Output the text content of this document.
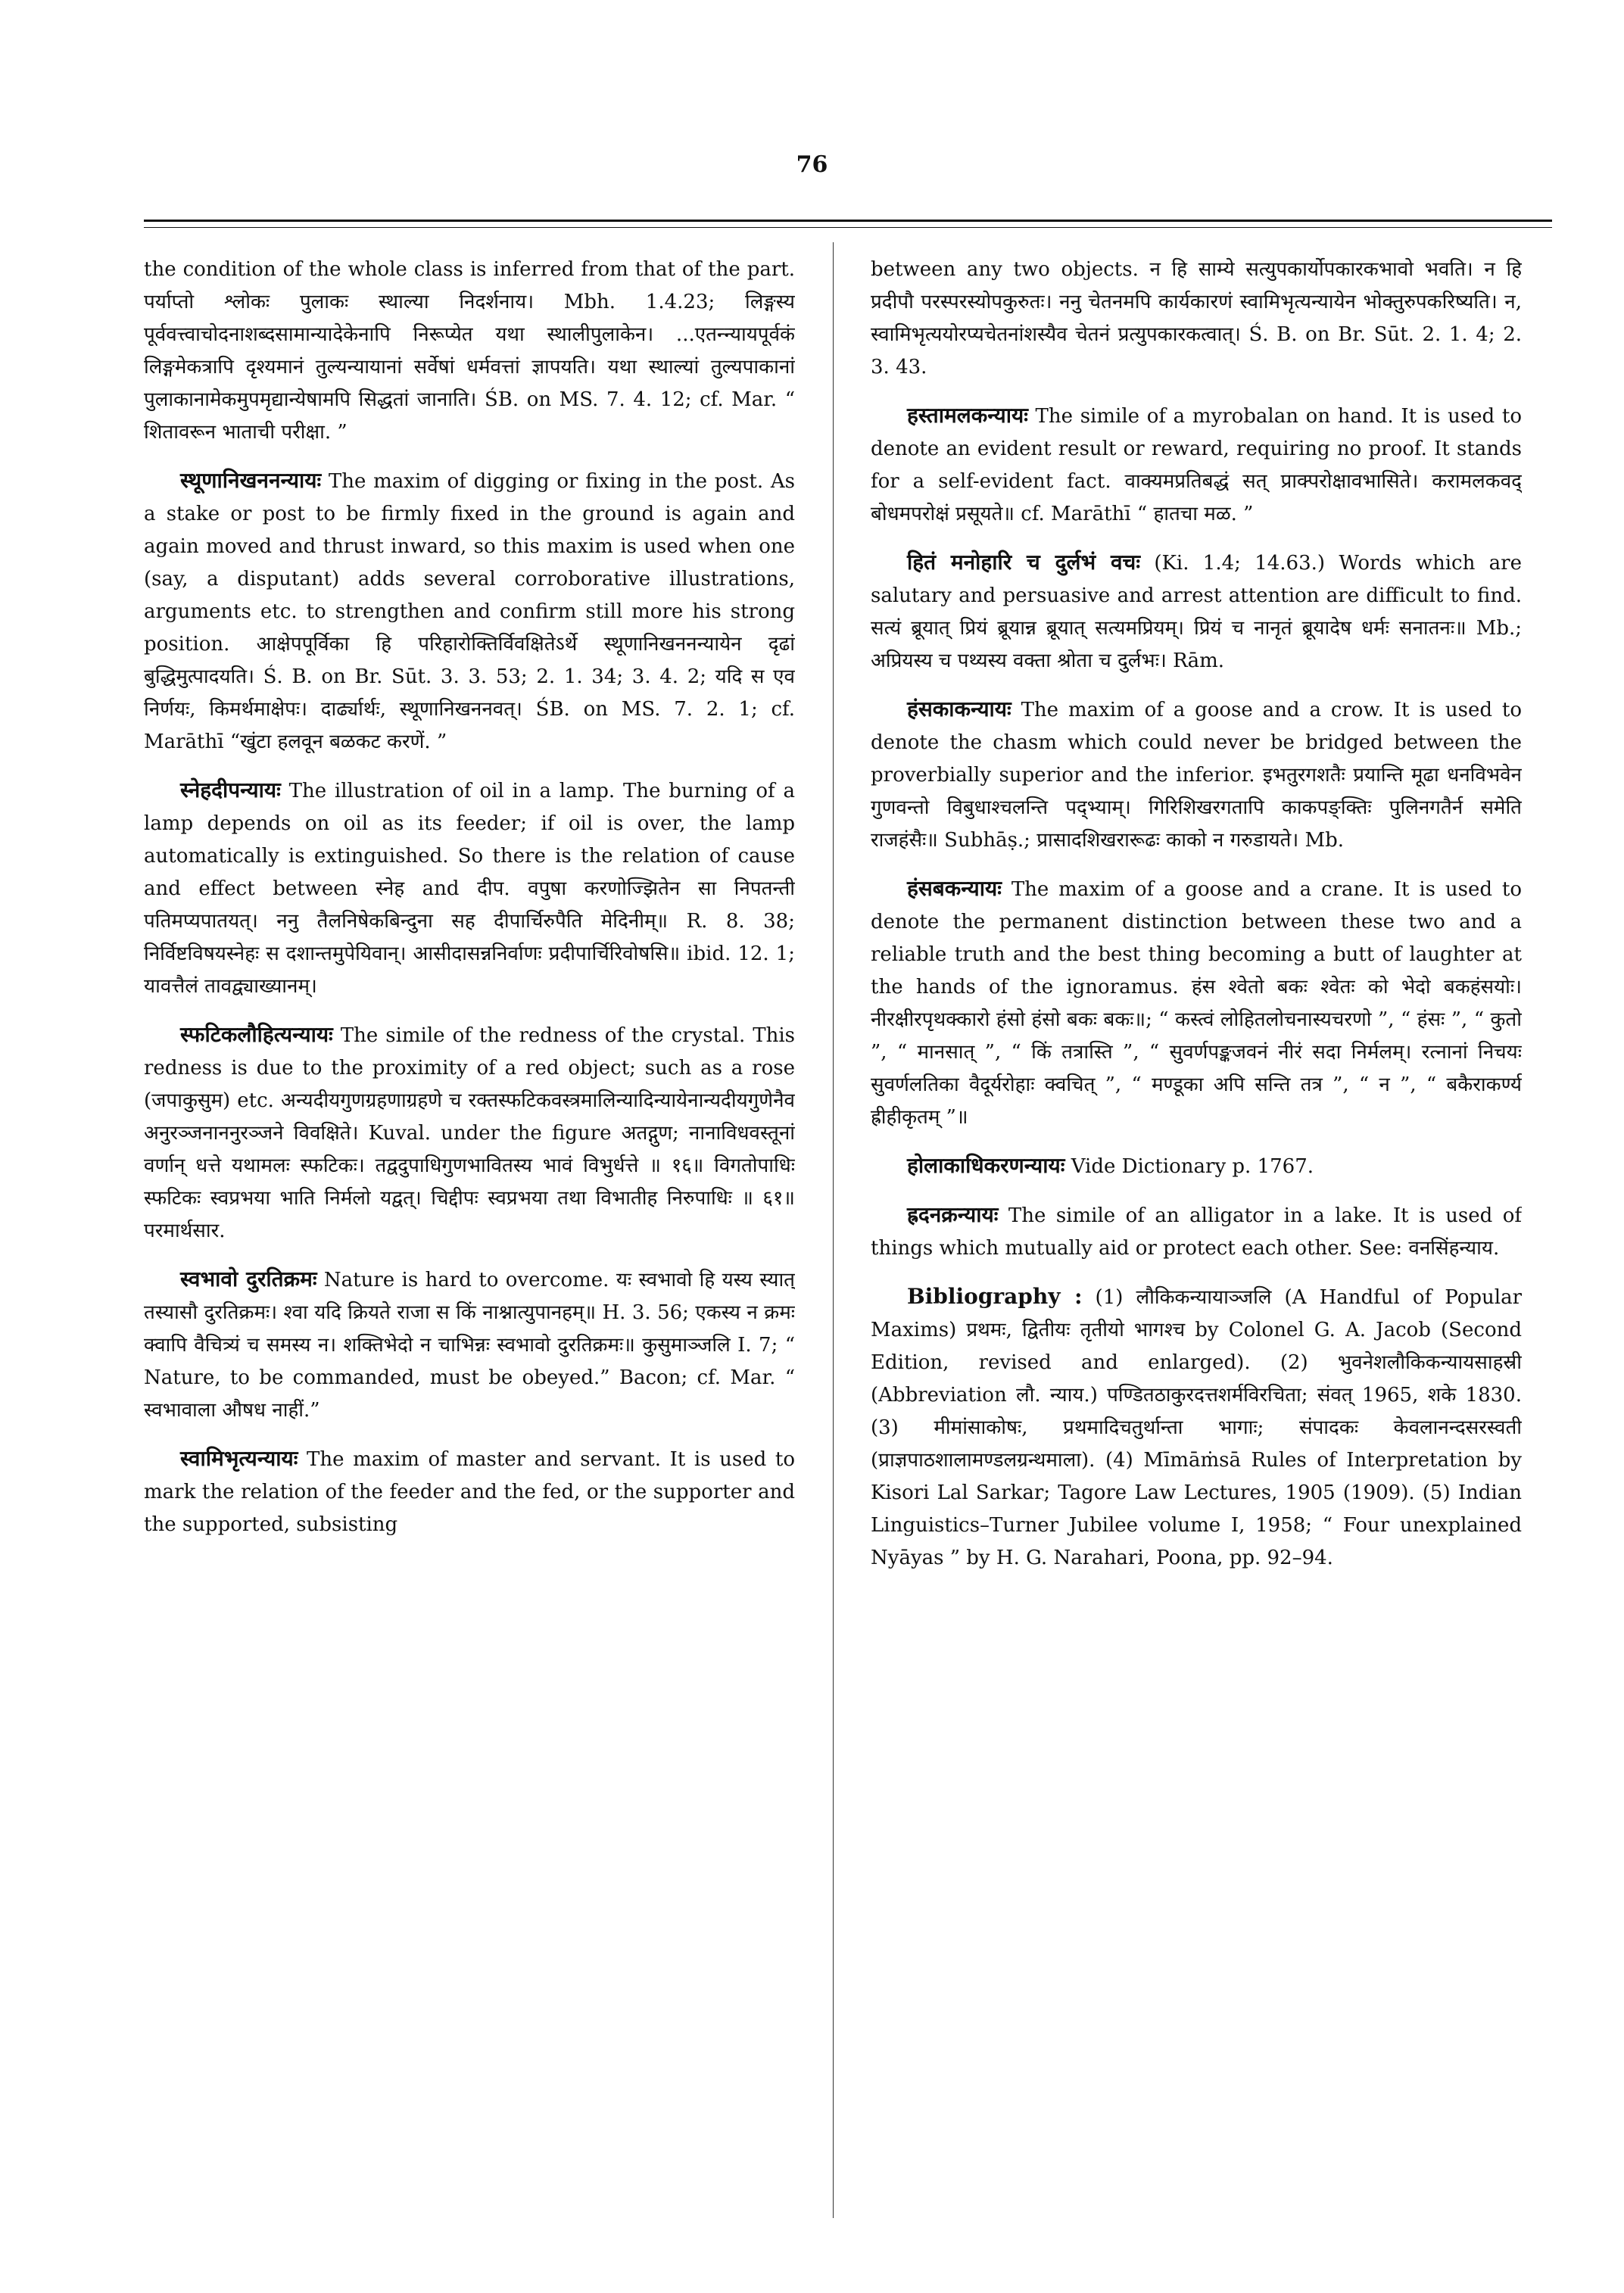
76

the condition of the whole class is inferred from that of the part. पर्याप्तो श्लोकः पुलाकः स्थाल्या निदर्शनाय। Mbh. 1.4.23; लिङ्गस्य पूर्ववत्त्वाचोदनाशब्दसामान्यादेकेनापि निरूप्येत यथा स्थालीपुलाकेन। ...एतन्न्यायपूर्वकं लिङ्गमेकत्रापि दृश्यमानं तुल्यन्यायानां सर्वेषां धर्मवत्तां ज्ञापयति। यथा स्थाल्यां तुल्यपाकानां पुलाकानामेकमुपमृद्यान्येषामपि सिद्धतां जानाति। ŚB. on MS. 7. 4. 12; cf. Mar. “ शितावरून भाताची परीक्षा. ”

स्थूणानिखननन्यायः The maxim of digging or fixing in the post. As a stake or post to be firmly fixed in the ground is again and again moved and thrust inward, so this maxim is used when one (say, a disputant) adds several corroborative illustrations, arguments etc. to strengthen and confirm still more his strong position. आक्षेपपूर्विका हि परिहारोक्तिर्विवक्षितेऽर्थे स्थूणानिखननन्यायेन दृढां बुद्धिमुत्पादयति। Ś. B. on Br. Sūt. 3. 3. 53; 2. 1. 34; 3. 4. 2; यदि स एव निर्णयः, किमर्थमाक्षेपः। दार्ढ्यार्थः, स्थूणानिखननवत्। ŚB. on MS. 7. 2. 1; cf. Marāthī “खुंटा हलवून बळकट करणें. ”

स्नेहदीपन्यायः The illustration of oil in a lamp. The burning of a lamp depends on oil as its feeder; if oil is over, the lamp automatically is extinguished. So there is the relation of cause and effect between स्नेह and दीप. वपुषा करणोज्झितेन सा निपतन्ती पतिमप्यपातयत्। ननु तैलनिषेकबिन्दुना सह दीपार्चिरुपैति मेदिनीम्॥ R. 8. 38; निर्विष्टविषयस्नेहः स दशान्तमुपेयिवान्। आसीदासन्ननिर्वाणः प्रदीपार्चिरिवोषसि॥ ibid. 12. 1; यावत्तैलं तावद्व्याख्यानम्।

स्फटिकलौहित्यन्यायः The simile of the redness of the crystal. This redness is due to the proximity of a red object; such as a rose (जपाकुसुम) etc. अन्यदीयगुणग्रहणाग्रहणे च रक्तस्फटिकवस्त्रमालिन्यादिन्यायेनान्यदीयगुणेनैव अनुरञ्जनाननुरञ्जने विवक्षिते। Kuval. under the figure अतद्गुण; नानाविधवस्तूनां वर्णान् धत्ते यथामलः स्फटिकः। तद्वदुपाधिगुणभावितस्य भावं विभुर्धत्ते ॥ १६॥ विगतोपाधिः स्फटिकः स्वप्रभया भाति निर्मलो यद्वत्। चिद्दीपः स्वप्रभया तथा विभातीह निरुपाधिः ॥ ६१॥ परमार्थसार.

स्वभावो दुरतिक्रमः Nature is hard to overcome. यः स्वभावो हि यस्य स्यात् तस्यासौ दुरतिक्रमः। श्वा यदि क्रियते राजा स किं नाश्नात्युपानहम्॥ H. 3. 56; एकस्य न क्रमः क्वापि वैचित्र्यं च समस्य न। शक्तिभेदो न चाभिन्नः स्वभावो दुरतिक्रमः॥ कुसुमाञ्जलि I. 7; “ Nature, to be commanded, must be obeyed.” Bacon; cf. Mar. “ स्वभावाला औषध नाहीं.”

स्वामिभृत्यन्यायः The maxim of master and servant. It is used to mark the relation of the feeder and the fed, or the supporter and the supported, subsisting

between any two objects. न हि साम्ये सत्युपकार्योपकारकभावो भवति। न हि प्रदीपौ परस्परस्योपकुरुतः। ननु चेतनमपि कार्यकारणं स्वामिभृत्यन्यायेन भोक्तुरुपकरिष्यति। न, स्वामिभृत्ययोरप्यचेतनांशस्यैव चेतनं प्रत्युपकारकत्वात्। Ś. B. on Br. Sūt. 2. 1. 4; 2. 3. 43.

हस्तामलकन्यायः The simile of a myrobalan on hand. It is used to denote an evident result or reward, requiring no proof. It stands for a self-evident fact. वाक्यमप्रतिबद्धं सत् प्राक्परोक्षावभासिते। करामलकवद् बोधमपरोक्षं प्रसूयते॥ cf. Marāthī “ हातचा मळ. ”

हितं मनोहारि च दुर्लभं वचः (Ki. 1.4; 14.63.) Words which are salutary and persuasive and arrest attention are difficult to find. सत्यं ब्रूयात् प्रियं ब्रूयान्न ब्रूयात् सत्यमप्रियम्। प्रियं च नानृतं ब्रूयादेष धर्मः सनातनः॥ Mb.; अप्रियस्य च पथ्यस्य वक्ता श्रोता च दुर्लभः। Rām.

हंसकाकन्यायः The maxim of a goose and a crow. It is used to denote the chasm which could never be bridged between the proverbially superior and the inferior. इभतुरगशतैः प्रयान्ति मूढा धनविभवेन गुणवन्तो विबुधाश्चलन्ति पद्भ्याम्। गिरिशिखरगतापि काकपङ्क्तिः पुलिनगतैर्न समेति राजहंसैः॥ Subhāṣ.; प्रासादशिखरारूढः काको न गरुडायते। Mb.

हंसबकन्यायः The maxim of a goose and a crane. It is used to denote the permanent distinction between these two and a reliable truth and the best thing becoming a butt of laughter at the hands of the ignoramus. हंस श्वेतो बकः श्वेतः को भेदो बकहंसयोः। नीरक्षीरपृथक्कारो हंसो हंसो बकः बकः॥; “ कस्त्वं लोहितलोचनास्यचरणो ”, “ हंसः ”, “ कुतो ”, “ मानसात् ”, “ किं तत्रास्ति ”, “ सुवर्णपङ्कजवनं नीरं सदा निर्मलम्। रत्नानां निचयः सुवर्णलतिका वैदूर्यरोहाः क्वचित् ”, “ मण्डूका अपि सन्ति तत्र ”, “ न ”, “ बकैराकर्ण्य ह्रीहीकृतम् ”॥

होलाकाधिकरणन्यायः Vide Dictionary p. 1767.

ह्रदनक्रन्यायः The simile of an alligator in a lake. It is used of things which mutually aid or protect each other. See: वनसिंहन्याय.

Bibliography : (1) लौकिकन्यायाञ्जलि (A Handful of Popular Maxims) प्रथमः, द्वितीयः तृतीयो भागश्च by Colonel G. A. Jacob (Second Edition, revised and enlarged). (2) भुवनेशलौकिकन्यायसाहस्री (Abbreviation लौ. न्याय.) पण्डितठाकुरदत्तशर्मविरचिता; संवत् 1965, शके 1830. (3) मीमांसाकोषः, प्रथमादिचतुर्थान्ता भागाः; संपादकः केवलानन्दसरस्वती (प्राज्ञपाठशालामण्डलग्रन्थमाला). (4) Mīmāṁsā Rules of Interpretation by Kisori Lal Sarkar; Tagore Law Lectures, 1905 (1909). (5) Indian Linguistics–Turner Jubilee volume I, 1958; “ Four unexplained Nyāyas ” by H. G. Narahari, Poona, pp. 92–94.
